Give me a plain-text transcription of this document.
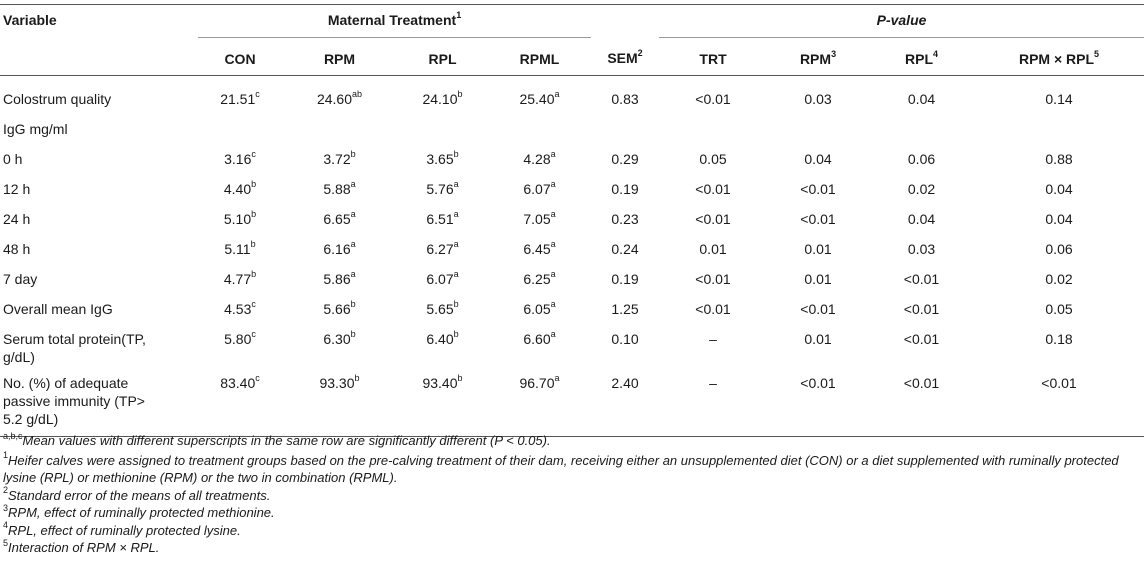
Variable	Maternal Treatment$^1$					P-value			
	CON	RPM	RPL	RPML	SEM$^2$	TRT	RPM$^3$	RPL$^4$	RPM × $RPL^5$
Colostrum quality	21.51$^c$	24.60$^{ab}$	24.10$^b$	25.40$^a$	0.83	<0.01	0.03	0.04	0.14
IgG mg/ml									
0 h	3.16$^c$	3.72$^b$	3.65$^b$	4.28$^a$	0.29	0.05	0.04	0.06	0.88
12 h	4.40$^b$	5.88$^a$	5.76$^a$	6.07$^a$	0.19	<0.01	<0.01	0.02	0.04
24 h	5.10$^b$	6.65$^a$	6.51$^a$	7.05$^a$	0.23	<0.01	<0.01	0.04	0.04
48 h	5.11$^b$	6.16$^a$	6.27$^a$	6.45$^a$	0.24	0.01	0.01	0.03	0.06
7 day	4.77$^b$	5.86$^a$	6.07$^a$	6.25$^a$	0.19	<0.01	0.01	<0.01	0.02
Overall mean IgG	4.53$^c$	5.66$^b$	5.65$^b$	6.05$^a$	1.25	<0.01	<0.01	<0.01	0.05
Serum total protein(TP, g/dL)	5.80$^c$	6.30$^b$	6.40$^b$	6.60$^a$	0.10	–	0.01	<0.01	0.18
No. (%) of adequate passive immunity (TP> 5.2 g/dL)	83.40$^c$	93.30$^b$	93.40$^b$	96.70$^a$	2.40	–	<0.01	<0.01	<0.01
$^{a,b,c}$Mean values with different superscripts in the same row are significantly different (P < 0.05).
$^1$Heifer calves were assigned to treatment groups based on the pre-calving treatment of their dam, receiving either an unsupplemented diet (CON) or a diet supplemented with ruminally protected lysine (RPL) or methionine (RPM) or the two in combination (RPML).
$^2$Standard error of the means of all treatments.
$^3$RPM, effect of ruminally protected methionine.
$^4$RPL, effect of ruminally protected lysine.
$^5$Interaction of RPM × RPL.
